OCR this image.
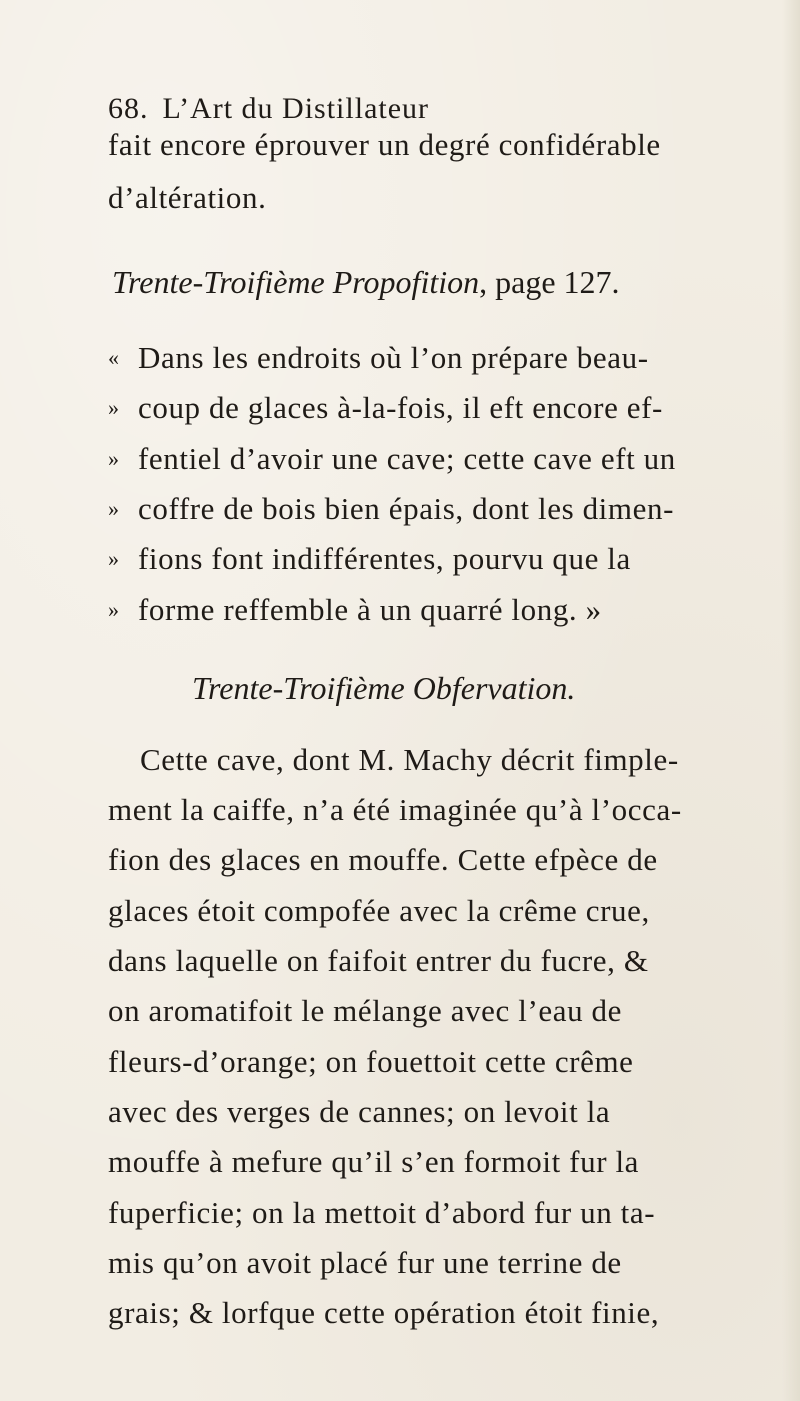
68. L’Art du Distillateur
fait encore éprouver un degré confidérable
d’altération.
Trente-Troifième Propofition, page 127.
« Dans les endroits où l’on prépare beau-
» coup de glaces à-la-fois, il eft encore ef-
» fentiel d’avoir une cave; cette cave eft un
» coffre de bois bien épais, dont les dimen-
» fions font indifférentes, pourvu que la
» forme reffemble à un quarré long. »
Trente-Troifième Obfervation.
Cette cave, dont M. Machy décrit fimple-
ment la caiffe, n’a été imaginée qu’à l’occa-
fion des glaces en mouffe. Cette efpèce de
glaces étoit compofée avec la crême crue,
dans laquelle on faifoit entrer du fucre, &
on aromatifoit le mélange avec l’eau de
fleurs-d’orange; on fouettoit cette crême
avec des verges de cannes; on levoit la
mouffe à mefure qu’il s’en formoit fur la
fuperficie; on la mettoit d’abord fur un ta-
mis qu’on avoit placé fur une terrine de
grais; & lorfque cette opération étoit finie,
